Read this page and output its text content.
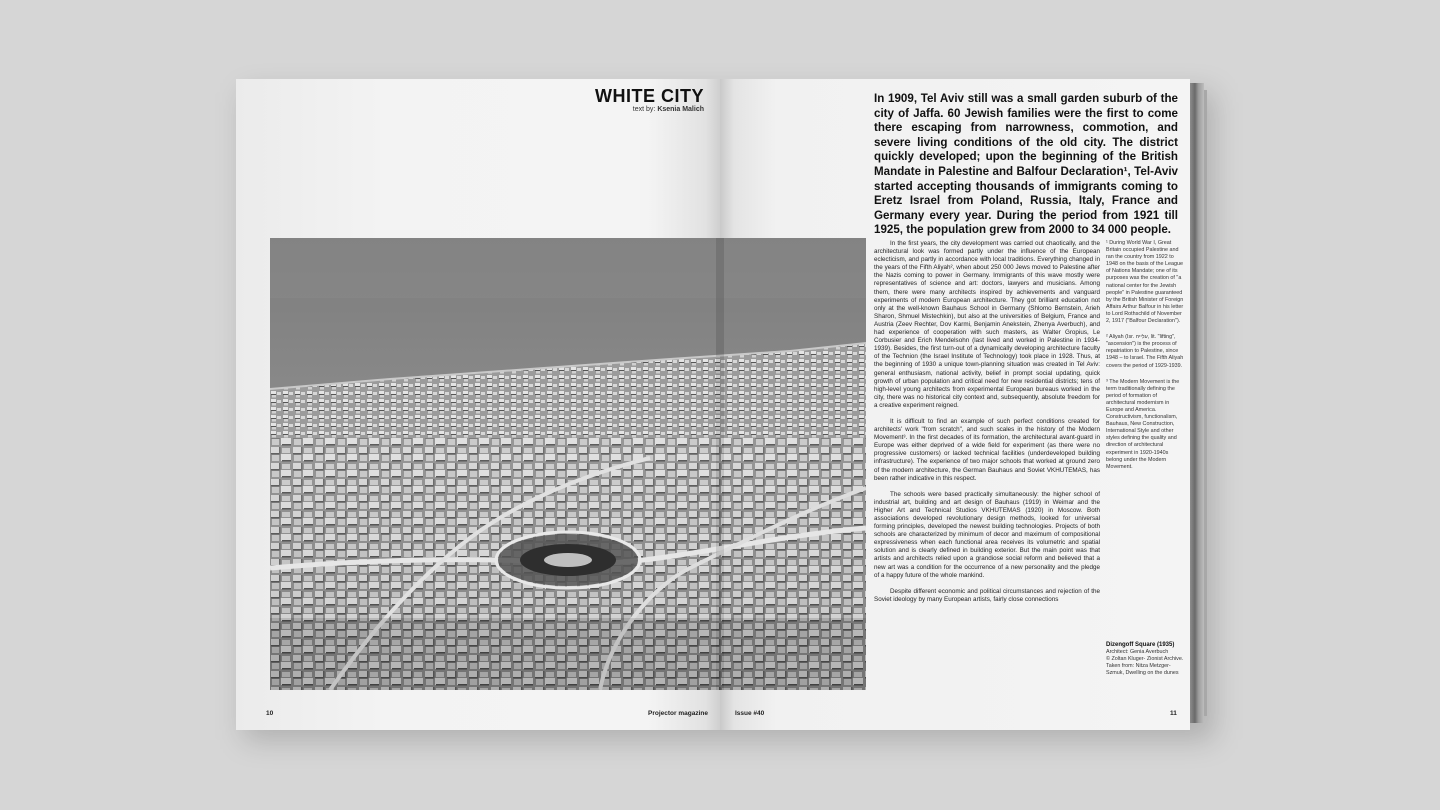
WHITE CITY
text by: Ksenia Malich
In 1909, Tel Aviv still was a small garden suburb of the city of Jaffa. 60 Jewish families were the first to come there escaping from narrowness, commotion, and severe living conditions of the old city. The district quickly developed; upon the beginning of the British Mandate in Palestine and Balfour Declaration¹, Tel-Aviv started accepting thousands of immigrants coming to Eretz Israel from Poland, Russia, Italy, France and Germany every year. During the period from 1921 till 1925, the population grew from 2000 to 34 000 people.

In the first years, the city development was carried out chaotically, and the architectural look was formed partly under the influence of the European eclecticism, and partly in accordance with local traditions. Everything changed in the years of the Fifth Aliyah², when about 250 000 Jews moved to Palestine after the Nazis coming to power in Germany. Immigrants of this wave mostly were representatives of science and art: doctors, lawyers and musicians. Among them, there were many architects inspired by achievements and vanguard experiments of modern European architecture. They got brilliant education not only at the well-known Bauhaus School in Germany (Shlomo Bernstein, Arieh Sharon, Shmuel Mistechkin), but also at the universities of Belgium, France and Austria (Zeev Rechter, Dov Karmi, Benjamin Anekstein, Zhenya Averbuch), and had experience of cooperation with such masters, as Walter Gropius, Le Corbusier and Erich Mendelsohn (last lived and worked in Palestine in 1934-1939). Besides, the first turn-out of a dynamically developing architecture faculty of the Technion (the Israel Institute of Technology) took place in 1928. Thus, at the beginning of 1930 a unique town-planning situation was created in Tel Aviv: general enthusiasm, national activity, belief in prompt social updating, quick growth of urban population and critical need for new residential districts; tens of high-level young architects from experimental European bureaus worked in the city, there was no historical city context and, subsequently, absolute freedom for a creative experiment reigned.

It is difficult to find an example of such perfect conditions created for architects' work "from scratch", and such scales in the history of the Modern Movement³. In the first decades of its formation, the architectural avant-guard in Europe was either deprived of a wide field for experiment (as there were no progressive customers) or lacked technical facilities (underdeveloped building infrastructure). The experience of two major schools that worked at ground zero of the modern architecture, the German Bauhaus and Soviet VKHUTEMAS, has been rather indicative in this respect.

The schools were based practically simultaneously: the higher school of industrial art, building and art design of Bauhaus (1919) in Weimar and the Higher Art and Technical Studios VKHUTEMAS (1920) in Moscow. Both associations developed revolutionary design methods, looked for universal forming principles, developed the newest building technologies. Projects of both schools are characterized by minimum of decor and maximum of compositional expressiveness when each functional area receives its volumetric and spatial solution and is clearly defined in building exterior. But the main point was that artists and architects relied upon a grandiose social reform and believed that a new art was a condition for the occurrence of a new personality and the pledge of a happy future of the whole mankind.

Despite different economic and political circumstances and rejection of the Soviet ideology by many European artists, fairly close connections

¹ During World War I, Great Britain occupied Palestine and ran the country from 1922 to 1948 on the basis of the League of Nations Mandate; one of its purposes was the creation of "a national center for the Jewish people" in Palestine guaranteed by the British Minister of Foreign Affairs Arthur Balfour in his letter to Lord Rothschild of November 2, 1917 ("Balfour Declaration").

² Aliyah (Isr. עלייה, lit. "lifting", "ascension") is the process of repatriation to Palestine, since 1948 – to Israel. The Fifth Aliyah covers the period of 1929-1939.

³ The Modern Movement is the term traditionally defining the period of formation of architectural modernism in Europe and America. Constructivism, functionalism, Bauhaus, New Construction, International Style and other styles defining the quality and direction of architectural experiment in 1920-1940s belong under the Modern Movement.

Dizengoff Square (1935)
Architect: Genia Averbuch
© Zoltan Kluger- Zionist Archive. Taken from: Nitza Metzger-Szmuk, Dwelling on the dunes
10	Projector magazine	Issue #40	11
